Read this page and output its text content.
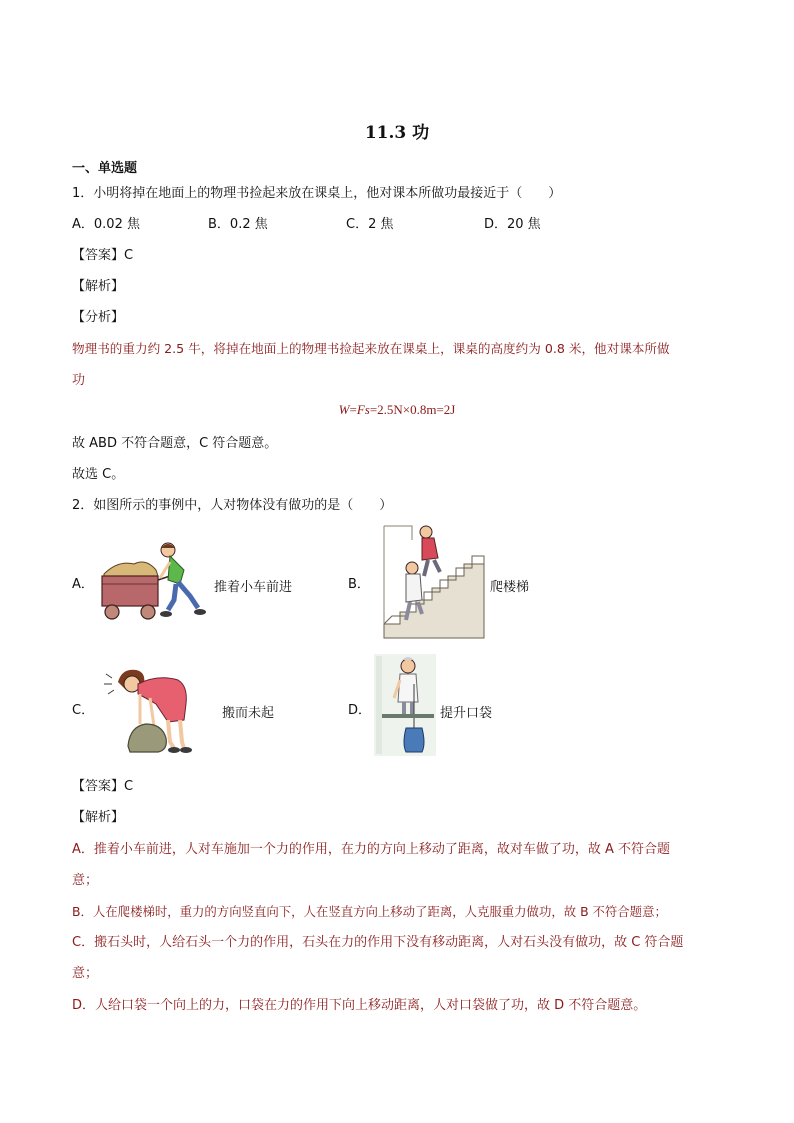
11.3 功
一、单选题
1．小明将掉在地面上的物理书捡起来放在课桌上，他对课本所做功最接近于（　　）
A．0.02 焦	B．0.2 焦	C．2 焦	D．20 焦
【答案】C
【解析】
【分析】
物理书的重力约 2.5 牛，将掉在地面上的物理书捡起来放在课桌上，课桌的高度约为 0.8 米，他对课本所做
功
W=Fs=2.5N×0.8m=2J
故 ABD 不符合题意，C 符合题意。
故选 C。
2．如图所示的事例中，人对物体没有做功的是（　　）
A．	推着小车前进	B．	爬楼梯
C．	搬而未起	D．	提升口袋
【答案】C
【解析】
A．推着小车前进，人对车施加一个力的作用，在力的方向上移动了距离，故对车做了功，故 A 不符合题
意；
B．人在爬楼梯时，重力的方向竖直向下，人在竖直方向上移动了距离，人克服重力做功，故 B 不符合题意；
C．搬石头时，人给石头一个力的作用，石头在力的作用下没有移动距离，人对石头没有做功，故 C 符合题
意；
D．人给口袋一个向上的力，口袋在力的作用下向上移动距离，人对口袋做了功，故 D 不符合题意。
